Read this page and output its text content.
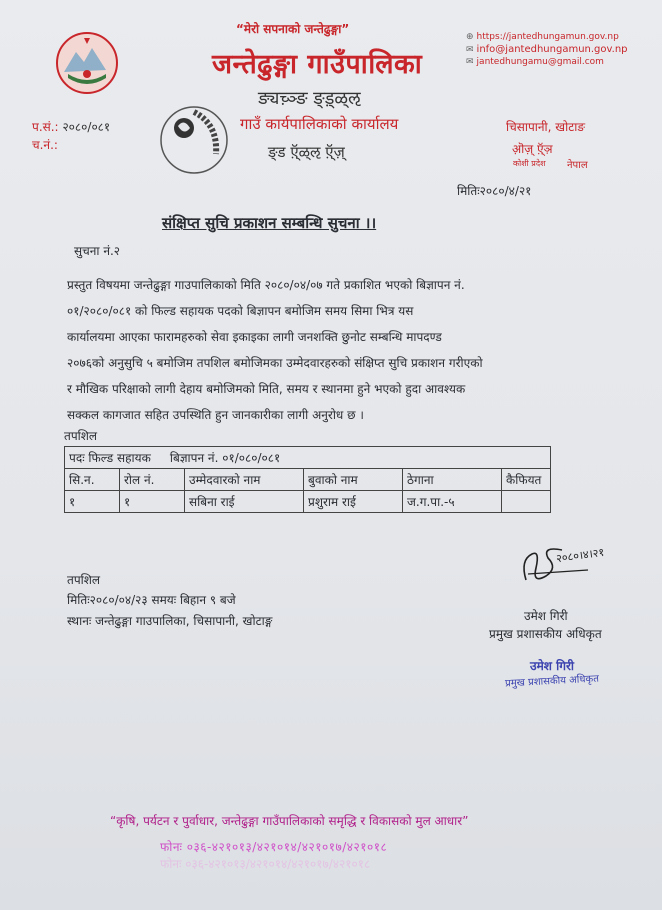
“मेरो सपनाको जन्तेढुङ्गा”
जन्तेढुङ्गा गाउँपालिका
ङ्यच़्ञ्ङ ङ्ड़्ळ्ऌ
गाउँ कार्यपालिकाको कार्यालय
ङ्ड ऍ़्ळ्ऌ ऍ़्ज़्
⊕ https://jantedhungamun.gov.np
✉ info@jantedhungamun.gov.np
✉ jantedhungamu@gmail.com
प.सं.: २०८०/०८१
च.नं.:
चिसापानी, खोटाङ
ऒ़ज़् ऍ़्ञ़
कोशी प्रदेश नेपाल
मितिः२०८०/४/२१
संक्षिप्त सुचि प्रकाशन सम्बन्धि सुचना ।।
सुचना नं.२
प्रस्तुत विषयमा जन्तेढुङ्गा गाउपालिकाको मिति २०८०/०४/०७ गते प्रकाशित भएको बिज्ञापन नं.
०१/२०८०/०८१ को फिल्ड सहायक पदको बिज्ञापन बमोजिम समय सिमा भित्र यस
कार्यालयमा आएका फारामहरुको सेवा इकाइका लागी जनशक्ति छुनोट सम्बन्धि मापदण्ड
२०७६को अनुसुचि ५ बमोजिम तपशिल बमोजिमका उम्मेदवारहरुको संक्षिप्त सुचि प्रकाशन गरीएको
र मौखिक परिक्षाको लागी देहाय बमोजिमको मिति, समय र स्थानमा हुने भएको हुदा आवश्यक
सक्कल कागजात सहित उपस्थिति हुन जानकारीका लागी अनुरोध छ ।
तपशिल
पदः फिल्ड सहायक बिज्ञापन नं. ०१/०८०/०८१					
सि.न.	रोल नं.	उम्मेदवारको नाम	बुवाको नाम	ठेगाना	कैफियत
१	१	सबिना राई	प्रशुराम राई	ज.ग.पा.-५	
तपशिल
मितिः२०८०/०४/२३ समयः बिहान ९ बजे
स्थानः जन्तेढुङ्गा गाउपालिका, चिसापानी, खोटाङ्ग
२०८०।४।२१
उमेश गिरी
प्रमुख प्रशासकीय अधिकृत
उमेश गिरी
प्रमुख प्रशासकीय अधिकृत
“कृषि, पर्यटन र पुर्वाधार, जन्तेढुङ्गा गाउँपालिकाको समृद्धि र विकासको मुल आधार”
फोनः ०३६-४२१०१३/४२१०१४/४२१०१७/४२१०१८
फोनः ०३६-४२१०१३/४२१०१४/४२१०१७/४२१०१८
